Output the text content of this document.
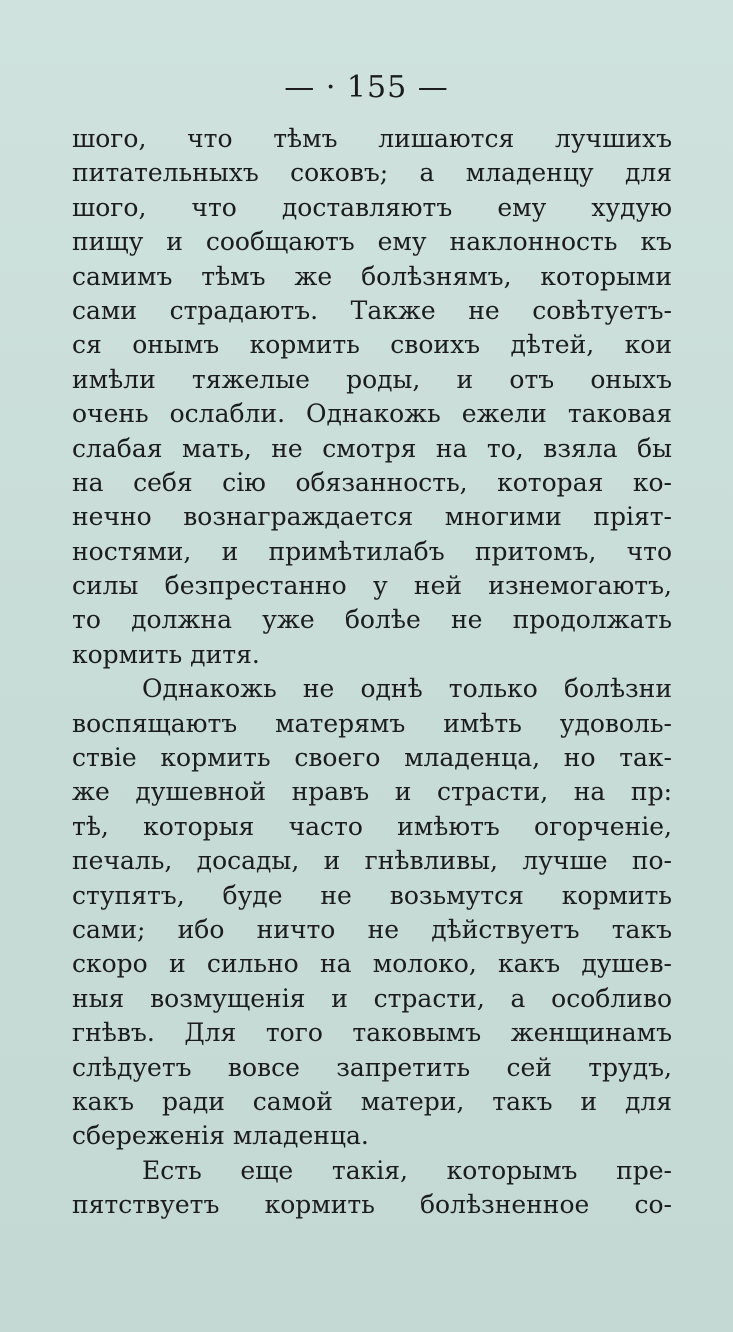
— · 155 —
шого, что тѣмъ лишаются лучшихъ
питательныхъ соковъ; а младенцу для
шого, что доставляютъ ему худую
пищу и сообщаютъ ему наклонность къ
самимъ тѣмъ же болѣзнямъ, которыми
сами страдаютъ. Также не совѣтуетъ-
ся онымъ кормить своихъ дѣтей, кои
имѣли тяжелые роды, и отъ оныхъ
очень ослабли. Однакожь ежели таковая
слабая мать, не смотря на то, взяла бы
на себя сію обязанность, которая ко-
нечно вознаграждается многими пріят-
ностями, и примѣтилабъ притомъ, что
силы безпрестанно у ней изнемогаютъ,
то должна уже болѣе не продолжать
кормить дитя.
Однакожь не однѣ только болѣзни
воспящаютъ матерямъ имѣть удоволь-
ствіе кормить своего младенца, но так-
же душевной нравъ и страсти, на пр:
тѣ, которыя часто имѣютъ огорченіе,
печаль, досады, и гнѣвливы, лучше по-
ступятъ, буде не возьмутся кормить
сами; ибо ничто не дѣйствуетъ такъ
скоро и сильно на молоко, какъ душев-
ныя возмущенія и страсти, а особливо
гнѣвъ. Для того таковымъ женщинамъ
слѣдуетъ вовсе запретить сей трудъ,
какъ ради самой матери, такъ и для
сбереженія младенца.
Есть еще такія, которымъ пре-
пятствуетъ кормить болѣзненное со-
